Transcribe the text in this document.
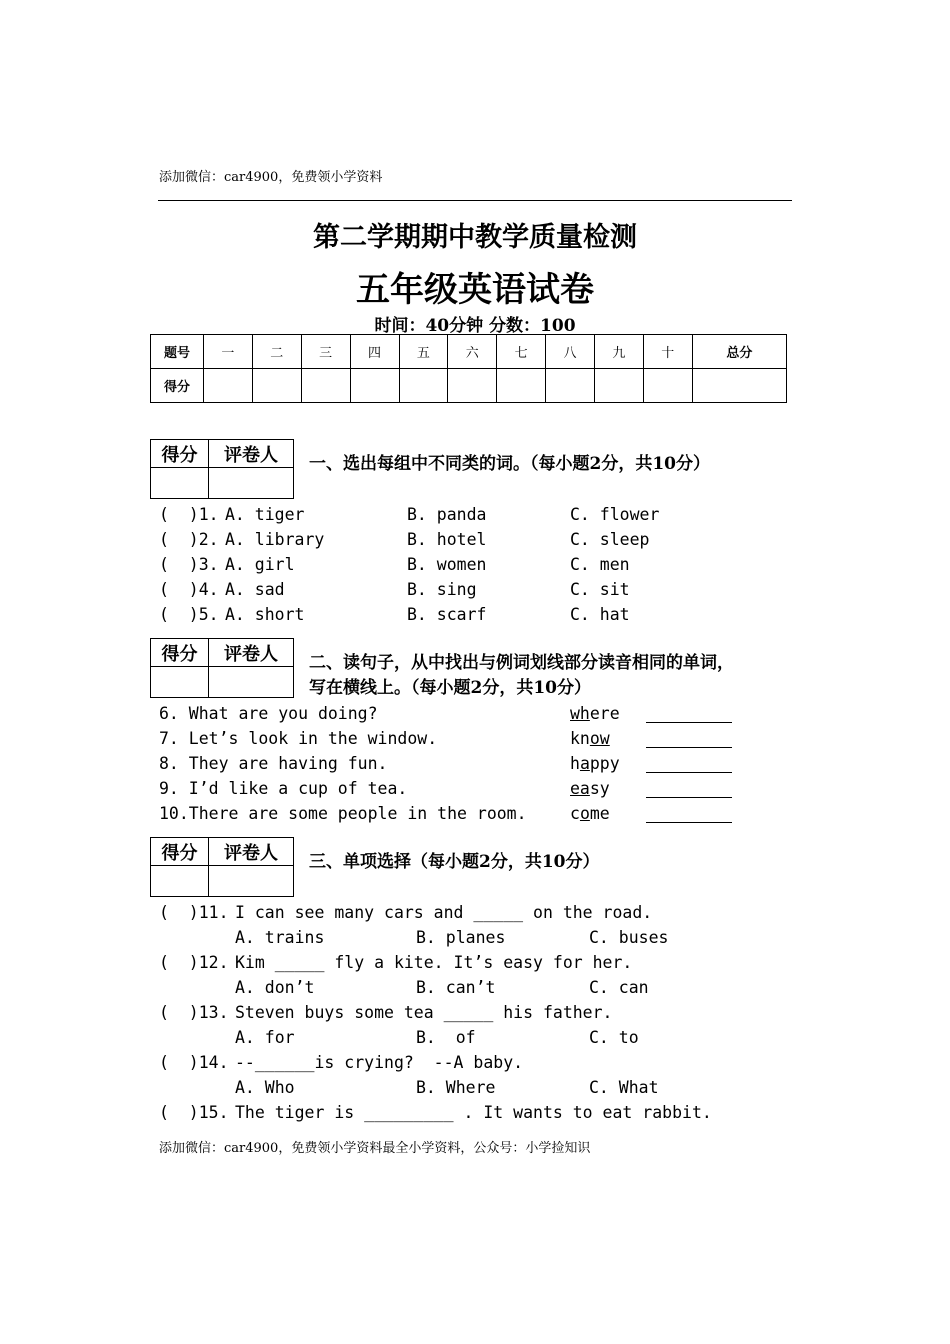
添加微信：car4900，免费领小学资料
第二学期期中教学质量检测
五年级英语试卷
时间：40分钟 分数：100
题号	一	二	三	四	五	六	七	八	九	十	总分
得分											
得分	评卷人
	一、选出每组中不同类的词。（每小题2分，共10分）
(  )1. A. tiger	B. panda	C. flower
(  )2. A. library	B. hotel	C. sleep
(  )3. A. girl	B. women	C. men
(  )4. A. sad	B. sing	C. sit
(  )5. A. short	B. scarf	C. hat
得分	评卷人
	二、读句子，从中找出与例词划线部分读音相同的单词，
写在横线上。（每小题2分，共10分）
6. What are you doing?	where
7. Let’s look in the window.	know
8. They are having fun.	happy
9. I’d like a cup of tea.	easy
10.There are some people in the room.	come
得分	评卷人
	三、单项选择（每小题2分，共10分）
(  )11. I can see many cars and _____ on the road.
A. trains	B. planes	C. buses
(  )12. Kim _____ fly a kite. It’s easy for her.
A. don’t	B. can’t	C. can
(  )13. Steven buys some tea _____ his father.
A. for	B.  of	C. to
(  )14. --______is crying?  --A baby.
A. Who	B. Where	C. What
(  )15. The tiger is _________ . It wants to eat rabbit.
添加微信：car4900，免费领小学资料最全小学资料，公众号：小学捡知识
